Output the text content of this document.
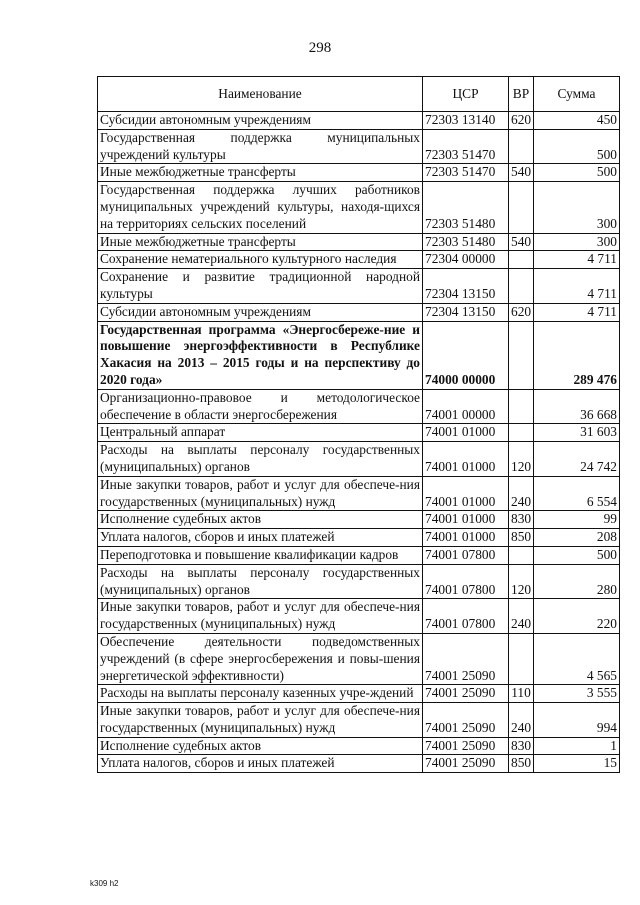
298
Наименование	ЦСР	ВР	Сумма
Субсидии автономным учреждениям	72303 13140	620	450
Государственная поддержка муниципальных учреждений культуры	72303 51470		500
Иные межбюджетные трансферты	72303 51470	540	500
Государственная поддержка лучших работников муниципальных учреждений культуры, находя-щихся на территориях сельских поселений	72303 51480		300
Иные межбюджетные трансферты	72303 51480	540	300
Сохранение нематериального культурного наследия	72304 00000		4 711
Сохранение и развитие традиционной народной культуры	72304 13150		4 711
Субсидии автономным учреждениям	72304 13150	620	4 711
Государственная программа «Энергосбереже-ние и повышение энергоэффективности в Республике Хакасия на 2013 – 2015 годы и на перспективу до 2020 года»	74000 00000		289 476
Организационно-правовое и методологическое обеспечение в области энергосбережения	74001 00000		36 668
Центральный аппарат	74001 01000		31 603
Расходы на выплаты персоналу государственных (муниципальных) органов	74001 01000	120	24 742
Иные закупки товаров, работ и услуг для обеспече-ния государственных (муниципальных) нужд	74001 01000	240	6 554
Исполнение судебных актов	74001 01000	830	99
Уплата налогов, сборов и иных платежей	74001 01000	850	208
Переподготовка и повышение квалификации кадров	74001 07800		500
Расходы на выплаты персоналу государственных (муниципальных) органов	74001 07800	120	280
Иные закупки товаров, работ и услуг для обеспече-ния государственных (муниципальных) нужд	74001 07800	240	220
Обеспечение деятельности подведомственных учреждений (в сфере энергосбережения и повы-шения энергетической эффективности)	74001 25090		4 565
Расходы на выплаты персоналу казенных учре-ждений	74001 25090	110	3 555
Иные закупки товаров, работ и услуг для обеспече-ния государственных (муниципальных) нужд	74001 25090	240	994
Исполнение судебных актов	74001 25090	830	1
Уплата налогов, сборов и иных платежей	74001 25090	850	15
k309 h2
